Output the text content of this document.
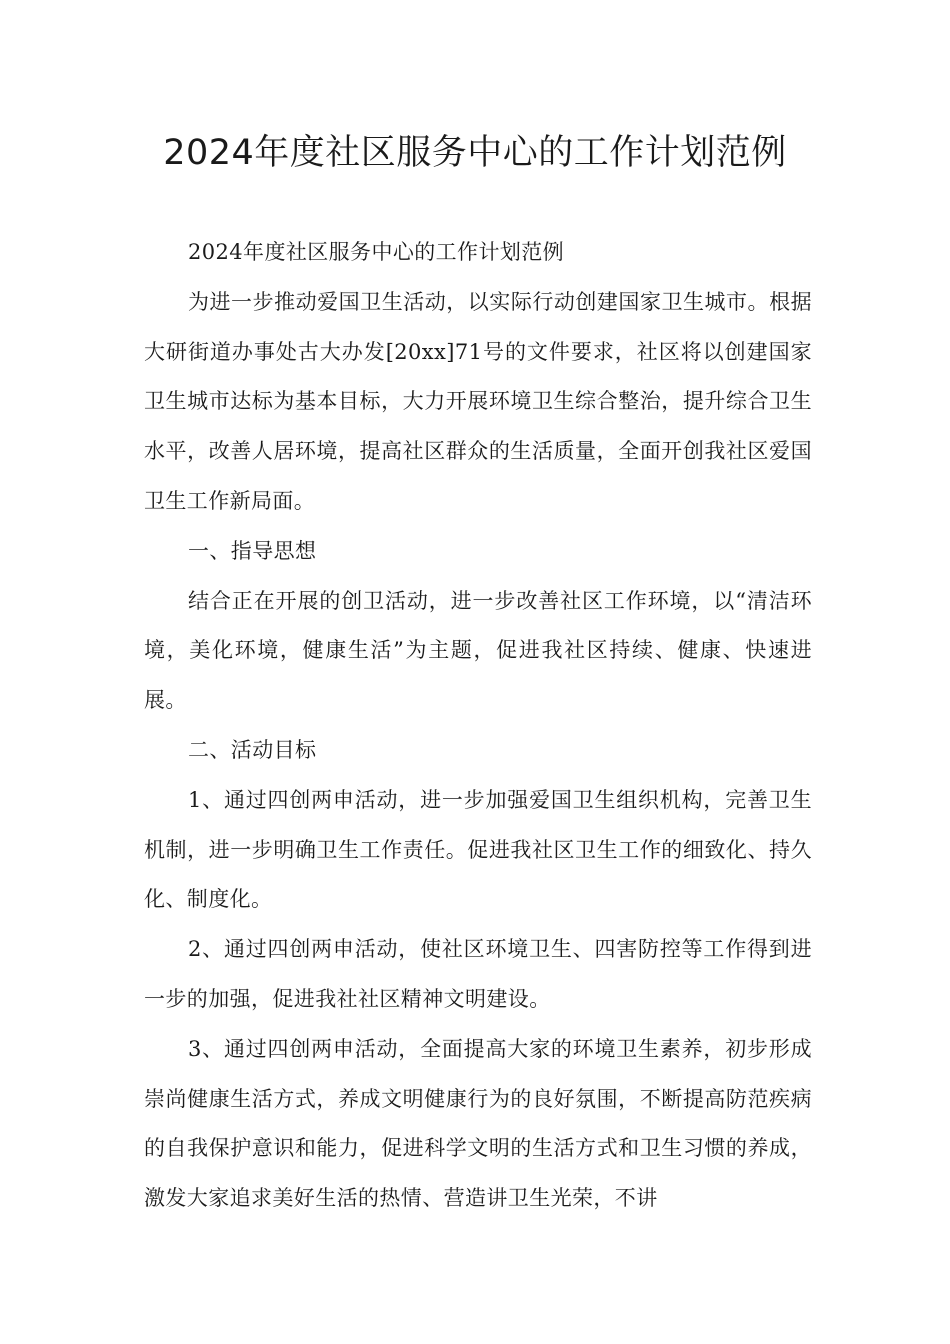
2024年度社区服务中心的工作计划范例

2024年度社区服务中心的工作计划范例

为进一步推动爱国卫生活动，以实际行动创建国家卫生城市。根据大研街道办事处古大办发[20xx]71号的文件要求，社区将以创建国家卫生城市达标为基本目标，大力开展环境卫生综合整治，提升综合卫生水平，改善人居环境，提高社区群众的生活质量，全面开创我社区爱国卫生工作新局面。

一、指导思想

结合正在开展的创卫活动，进一步改善社区工作环境，以“清洁环境，美化环境，健康生活”为主题，促进我社区持续、健康、快速进展。

二、活动目标

1、通过四创两申活动，进一步加强爱国卫生组织机构，完善卫生机制，进一步明确卫生工作责任。促进我社区卫生工作的细致化、持久化、制度化。

2、通过四创两申活动，使社区环境卫生、四害防控等工作得到进一步的加强，促进我社社区精神文明建设。

3、通过四创两申活动，全面提高大家的环境卫生素养，初步形成崇尚健康生活方式，养成文明健康行为的良好氛围，不断提高防范疾病的自我保护意识和能力，促进科学文明的生活方式和卫生习惯的养成，激发大家追求美好生活的热情、营造讲卫生光荣，不讲
